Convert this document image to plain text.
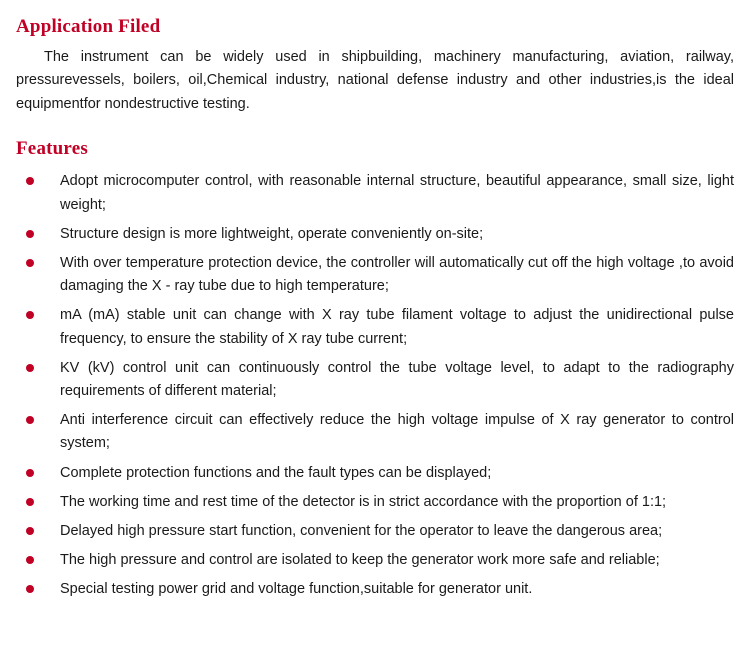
Application Filed

The instrument can be widely used in shipbuilding, machinery manufacturing, aviation, railway, pressurevessels, boilers, oil,Chemical industry, national defense industry and other industries,is the ideal equipmentfor nondestructive testing.

Features
Adopt microcomputer control, with reasonable internal structure, beautiful appearance, small size, light weight;
Structure design is more lightweight, operate conveniently on-site;
With over temperature protection device, the controller will automatically cut off the high voltage ,to avoid damaging the X - ray tube due to high temperature;
mA (mA) stable unit can change with X ray tube filament voltage to adjust the unidirectional pulse frequency, to ensure the stability of X ray tube current;
KV (kV) control unit can continuously control the tube voltage level, to adapt to the radiography requirements of different material;
Anti interference circuit can effectively reduce the high voltage impulse of X ray generator to control system;
Complete protection functions and the fault types can be displayed;
The working time and rest time of the detector is in strict accordance with the proportion of 1:1;
Delayed high pressure start function, convenient for the operator to leave the dangerous area;
The high pressure and control are isolated to keep the generator work more safe and reliable;
Special testing power grid and voltage function,suitable for generator unit.
